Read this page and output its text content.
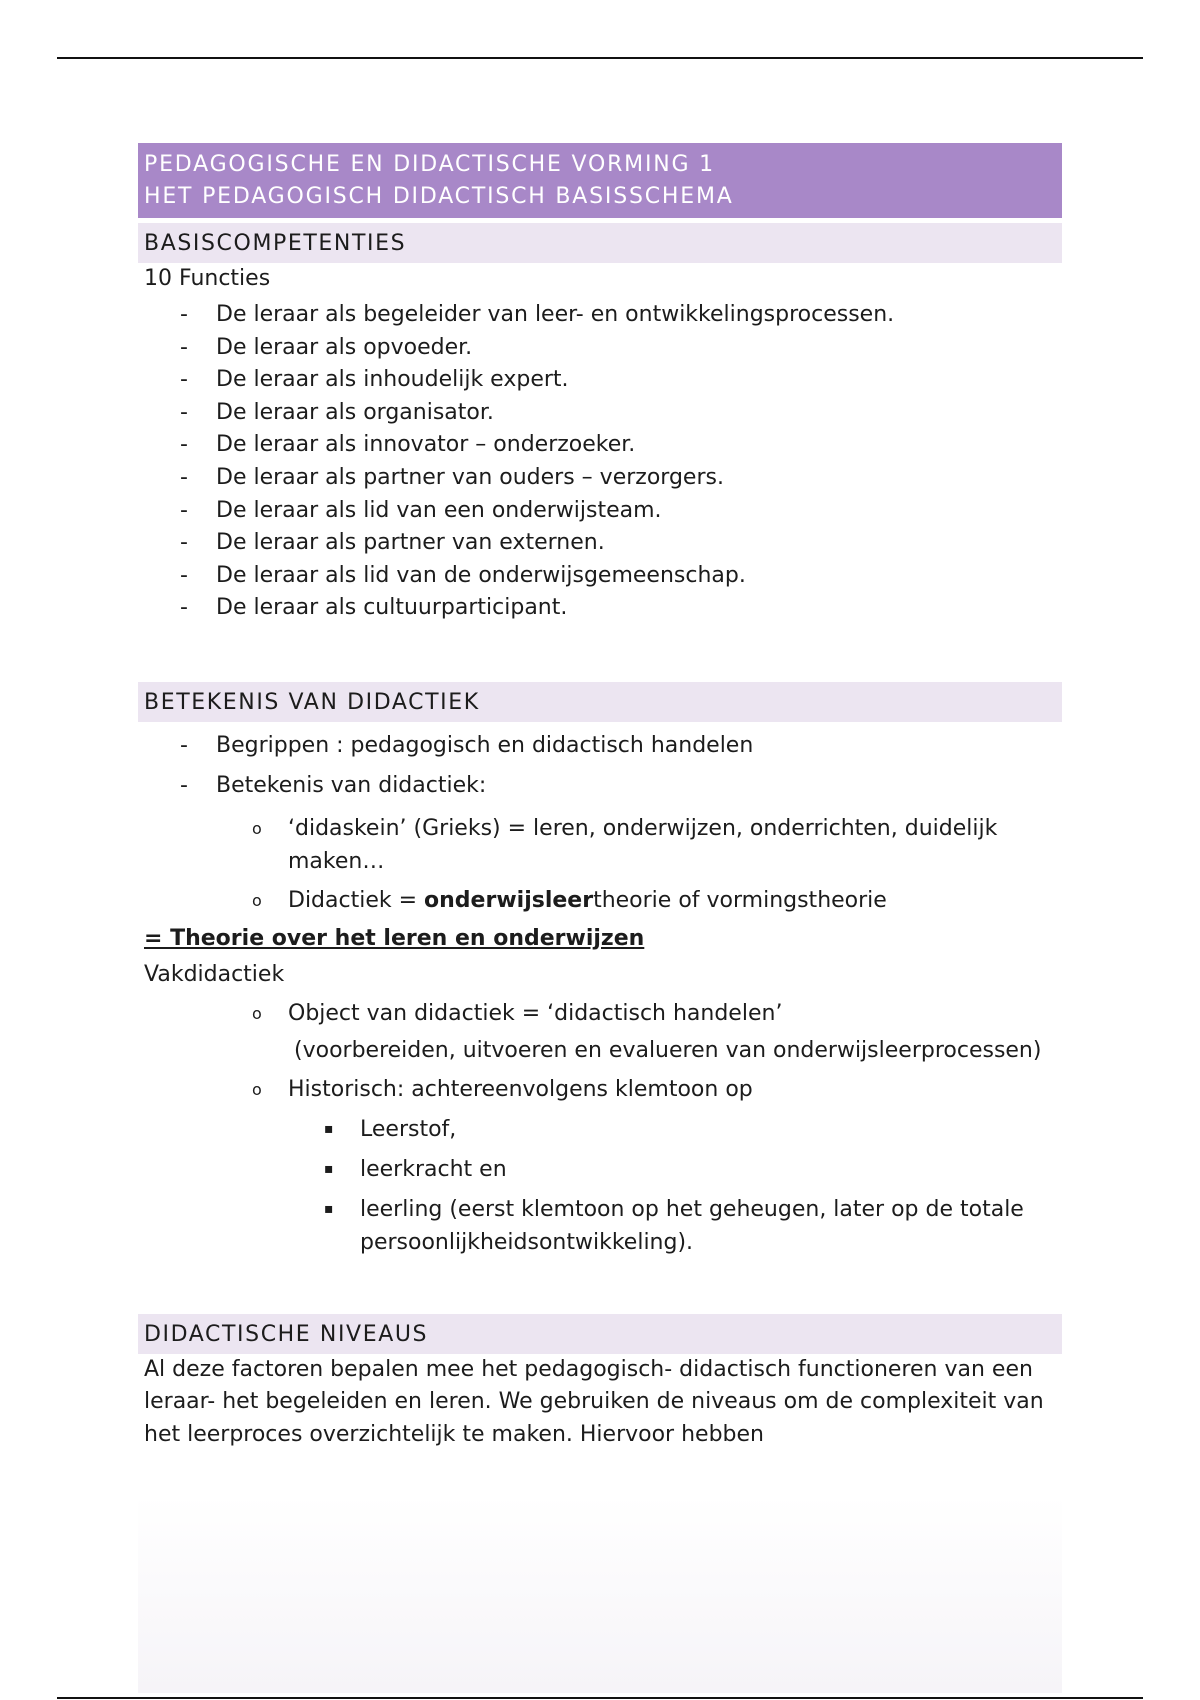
PEDAGOGISCHE EN DIDACTISCHE VORMING 1
HET PEDAGOGISCH DIDACTISCH BASISSCHEMA
BASISCOMPETENTIES
10 Functies
- De leraar als begeleider van leer- en ontwikkelingsprocessen.
- De leraar als opvoeder.
- De leraar als inhoudelijk expert.
- De leraar als organisator.
- De leraar als innovator – onderzoeker.
- De leraar als partner van ouders – verzorgers.
- De leraar als lid van een onderwijsteam.
- De leraar als partner van externen.
- De leraar als lid van de onderwijsgemeenschap.
- De leraar als cultuurparticipant.
BETEKENIS VAN DIDACTIEK
- Begrippen : pedagogisch en didactisch handelen
- Betekenis van didactiek:
o ‘didaskein’ (Grieks) = leren, onderwijzen, onderrichten, duidelijk maken…
o Didactiek = onderwijsleertheorie of vormingstheorie
= Theorie over het leren en onderwijzen
Vakdidactiek
o Object van didactiek = ‘didactisch handelen’
(voorbereiden, uitvoeren en evalueren van onderwijsleerprocessen)
o Historisch: achtereenvolgens klemtoon op
▪ Leerstof,
▪ leerkracht en
▪ leerling (eerst klemtoon op het geheugen, later op de totale persoonlijkheidsontwikkeling).
DIDACTISCHE NIVEAUS
Al deze factoren bepalen mee het pedagogisch- didactisch functioneren van een leraar- het begeleiden en leren. We gebruiken de niveaus om de complexiteit van het leerproces overzichtelijk te maken. Hiervoor hebben
